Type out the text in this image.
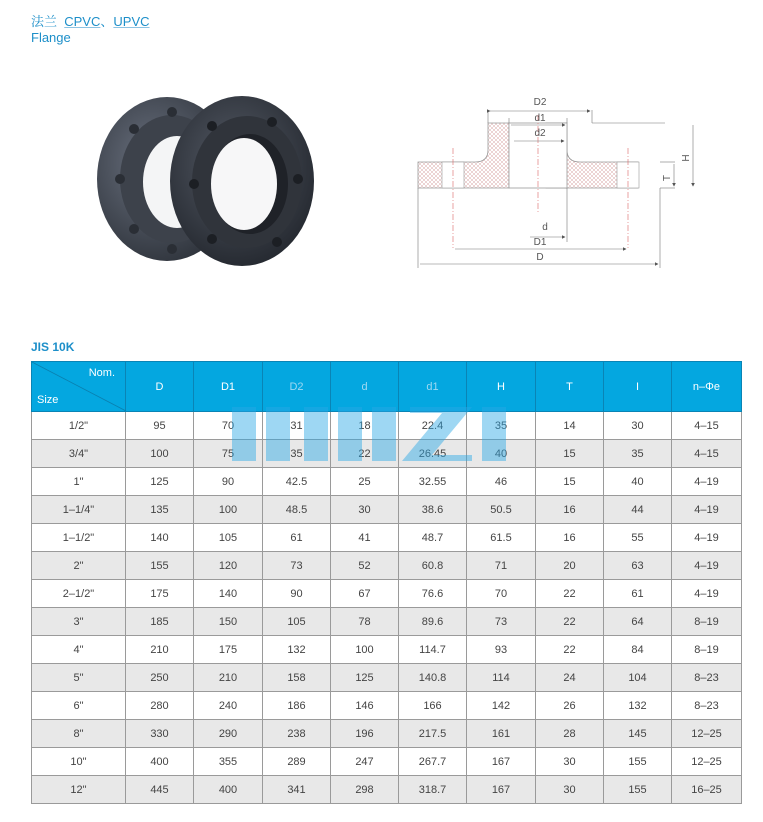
法兰 CPVC、UPVC
Flange
D2
d1
d2
d
D1
D
H
T
JIS 10K
Nom.
Size	D	D1	D2	d	d1	H	T	I	n–Φe
1/2"	95	70	31	18	22.4	35	14	30	4–15
3/4"	100	75	35	22	26.45	40	15	35	4–15
1"	125	90	42.5	25	32.55	46	15	40	4–19
1–1/4"	135	100	48.5	30	38.6	50.5	16	44	4–19
1–1/2"	140	105	61	41	48.7	61.5	16	55	4–19
2"	155	120	73	52	60.8	71	20	63	4–19
2–1/2"	175	140	90	67	76.6	70	22	61	4–19
3"	185	150	105	78	89.6	73	22	64	8–19
4"	210	175	132	100	114.7	93	22	84	8–19
5"	250	210	158	125	140.8	114	24	104	8–23
6"	280	240	186	146	166	142	26	132	8–23
8"	330	290	238	196	217.5	161	28	145	12–25
10"	400	355	289	247	267.7	167	30	155	12–25
12"	445	400	341	298	318.7	167	30	155	16–25
